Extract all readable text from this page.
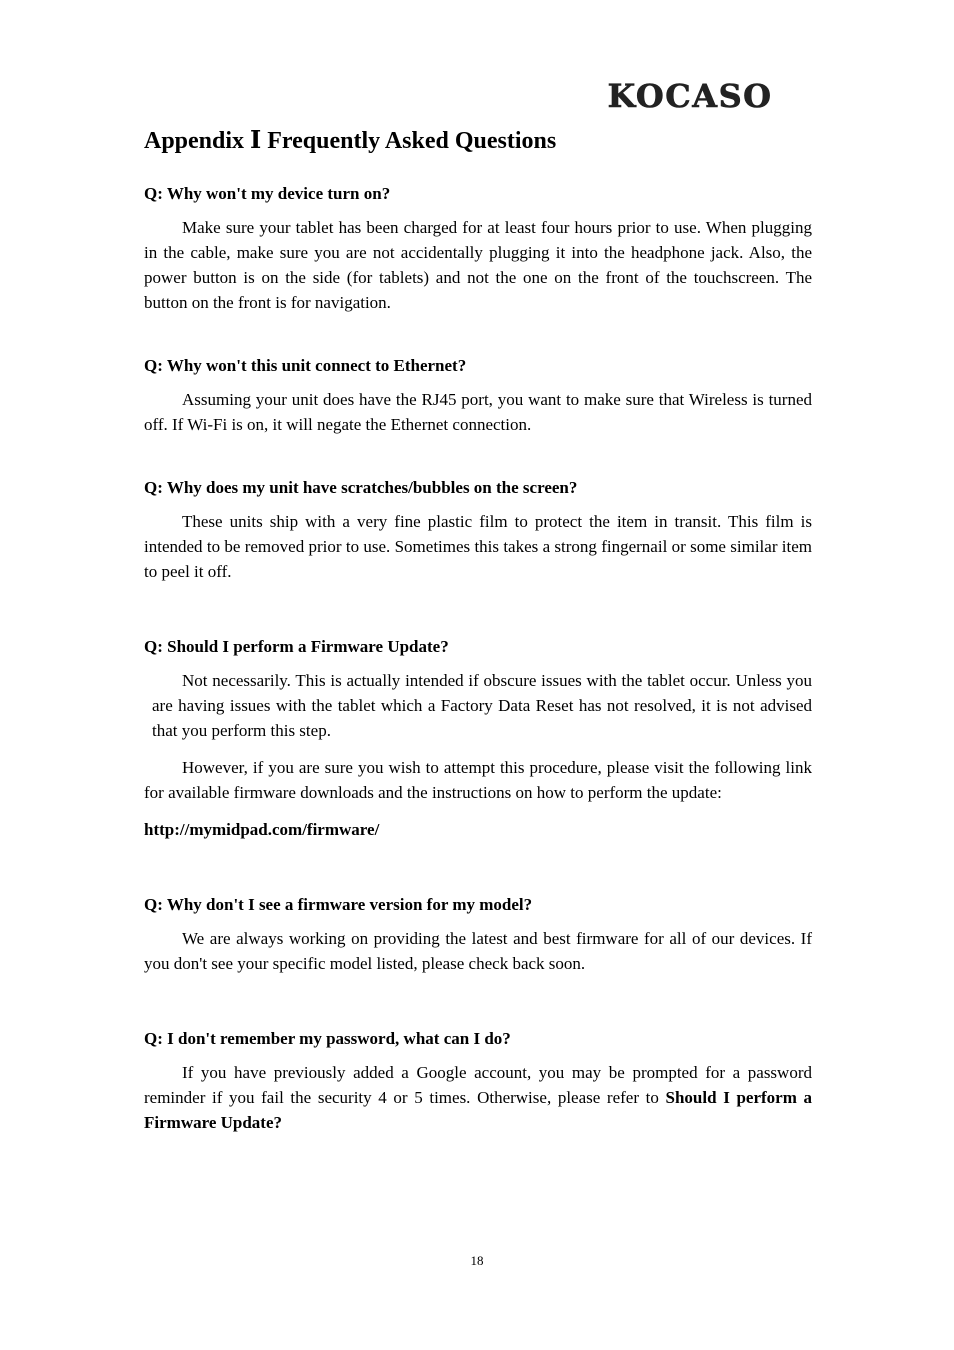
KOCASO
Appendix Ⅰ Frequently Asked Questions
Q: Why won't my device turn on?

Make sure your tablet has been charged for at least four hours prior to use. When plugging in the cable, make sure you are not accidentally plugging it into the headphone jack. Also, the power button is on the side (for tablets) and not the one on the front of the touchscreen. The button on the front is for navigation.

Q: Why won't this unit connect to Ethernet?

Assuming your unit does have the RJ45 port, you want to make sure that Wireless is turned off. If Wi-Fi is on, it will negate the Ethernet connection.

Q: Why does my unit have scratches/bubbles on the screen?

These units ship with a very fine plastic film to protect the item in transit. This film is intended to be removed prior to use. Sometimes this takes a strong fingernail or some similar item to peel it off.

Q: Should I perform a Firmware Update?

Not necessarily. This is actually intended if obscure issues with the tablet occur. Unless you are having issues with the tablet which a Factory Data Reset has not resolved, it is not advised that you perform this step.

However, if you are sure you wish to attempt this procedure, please visit the following link for available firmware downloads and the instructions on how to perform the update:

http://mymidpad.com/firmware/
Q: Why don't I see a firmware version for my model?

We are always working on providing the latest and best firmware for all of our devices. If you don't see your specific model listed, please check back soon.

Q: I don't remember my password, what can I do?

If you have previously added a Google account, you may be prompted for a password reminder if you fail the security 4 or 5 times. Otherwise, please refer to Should I perform a Firmware Update?

18
